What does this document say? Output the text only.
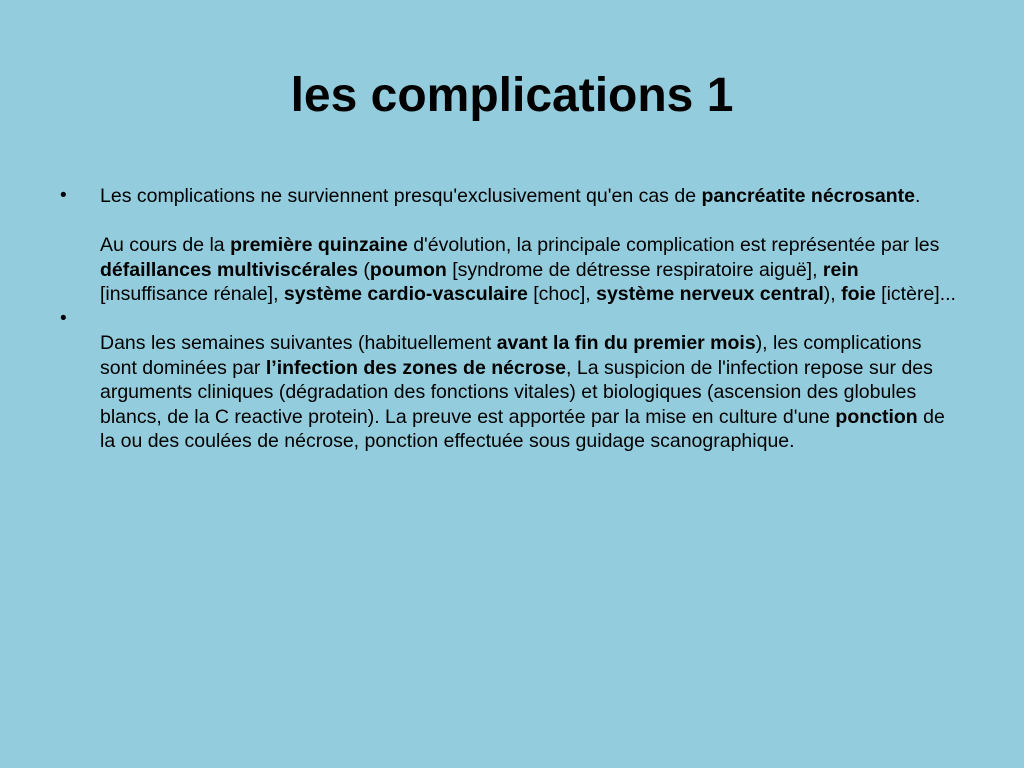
les complications 1
•	Les complications ne surviennent presqu'exclusivement qu'en cas de pancréatite nécrosante.

Au cours de la première quinzaine d'évolution, la principale complication est représentée par les défaillances multiviscérales (poumon [syndrome de détresse respiratoire aiguë], rein [insuffisance rénale], système cardio-vasculaire [choc], système nerveux central), foie [ictère]...

•

Dans les semaines suivantes (habituellement avant la fin du premier mois), les complications sont dominées par l’infection des zones de nécrose, La suspicion de l'infection repose sur des arguments cliniques (dégradation des fonctions vitales) et biologiques (ascension des globules blancs, de la C reactive protein). La preuve est apportée par la mise en culture d'une ponction de la ou des coulées de nécrose, ponction effectuée sous guidage scanographique.
